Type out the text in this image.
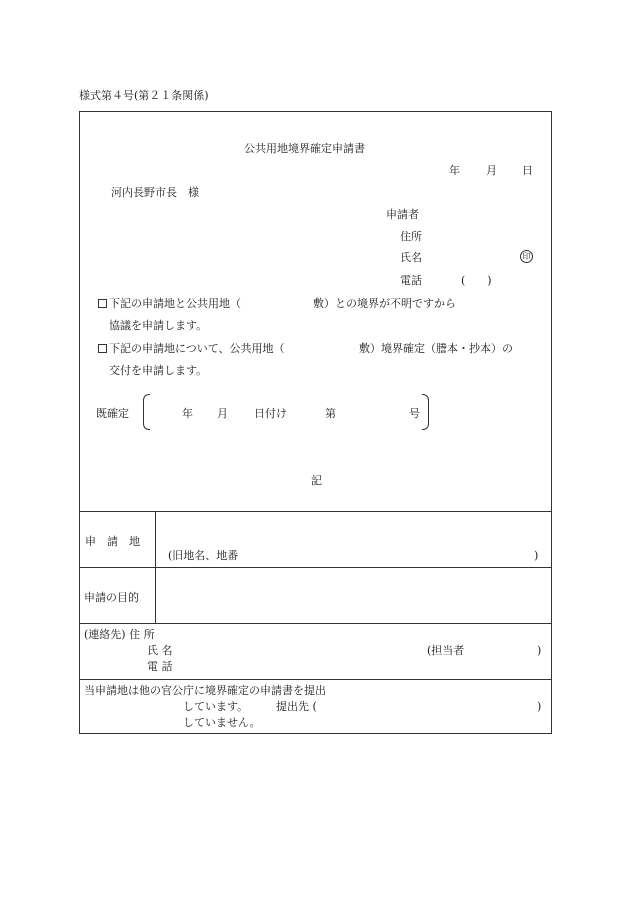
様式第４号(第２１条関係)
公共用地境界確定申請書
年 月 日
河内長野市長　様
申請者
住所
氏名	印
電話	(　　)
下記の申請地と公共用地（	敷）との境界が不明ですから
協議を申請します。
下記の申請地について、公共用地（	敷）境界確定（謄本・抄本）の
交付を申請します。
既確定	年 月 日付け	第	号
記
申　請　地
(旧地名、地番	)
申請の目的
(連絡先) 住 所
氏 名	(担当者	)
電 話
当申請地は他の官公庁に境界確定の申請書を提出
しています。	提出先 (	)
していません。
